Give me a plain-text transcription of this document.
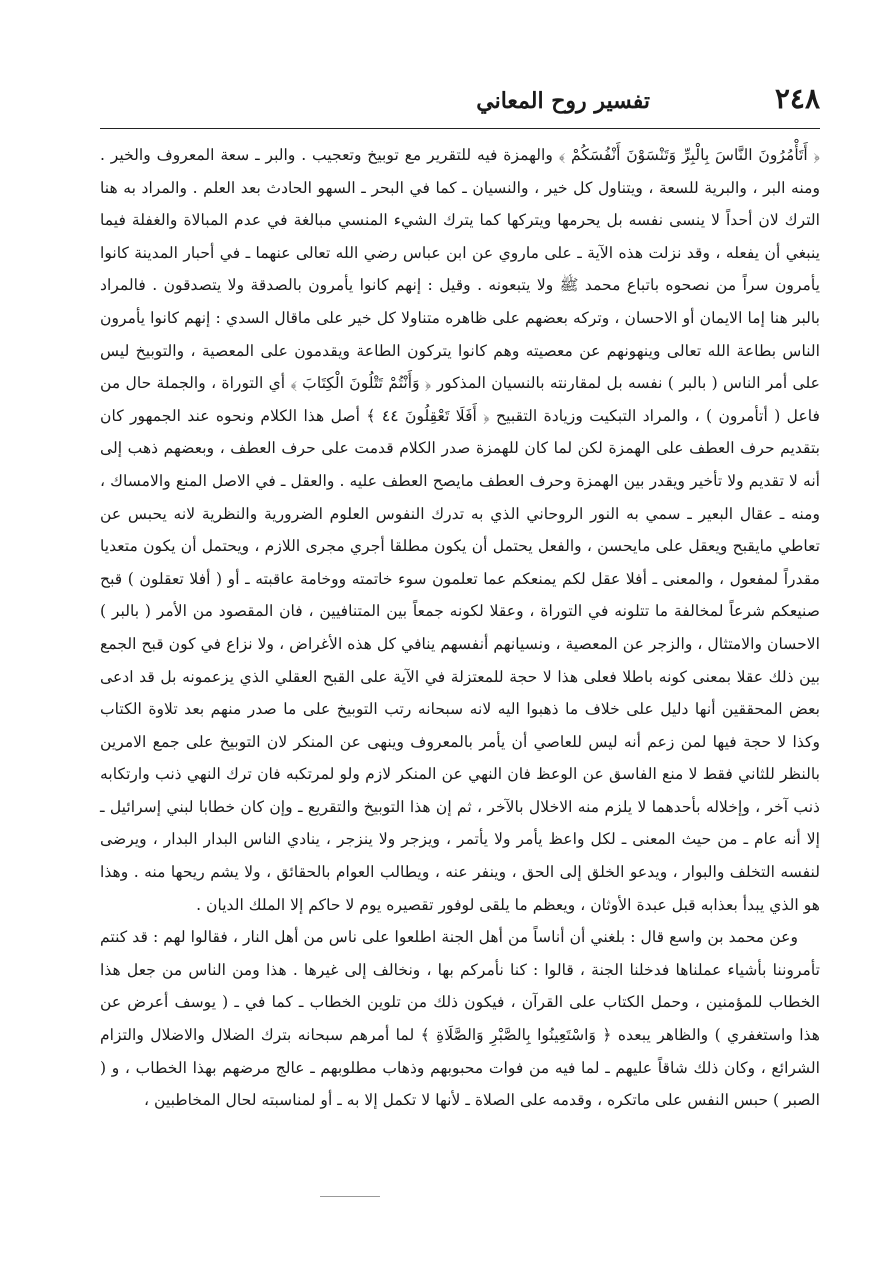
٢٤٨
تفسير روح المعاني

﴿ أَتَأْمُرُونَ النَّاسَ بِالْبِرِّ وَتَنْسَوْنَ أَنْفُسَكُمْ ﴾ والهمزة فيه للتقرير مع توبيخ وتعجيب . والبر ـ سعة المعروف والخير . ومنه البر ، والبرية للسعة ، ويتناول كل خير ، والنسيان ـ كما في البحر ـ السهو الحادث بعد العلم . والمراد به هنا الترك لان أحداً لا ينسى نفسه بل يحرمها ويتركها كما يترك الشيء المنسي مبالغة في عدم المبالاة والغفلة فيما ينبغي أن يفعله ، وقد نزلت هذه الآية ـ على ماروي عن ابن عباس رضي الله تعالى عنهما ـ في أحبار المدينة كانوا يأمرون سراً من نصحوه باتباع محمد ﷺ ولا يتبعونه . وقيل : إنهم كانوا يأمرون بالصدقة ولا يتصدقون . فالمراد بالبر هنا إما الايمان أو الاحسان ، وتركه بعضهم على ظاهره متناولا كل خير على ماقال السدي : إنهم كانوا يأمرون الناس بطاعة الله تعالى وينهونهم عن معصيته وهم كانوا يتركون الطاعة ويقدمون على المعصية ، والتوبيخ ليس على أمر الناس ( بالبر ) نفسه بل لمقارنته بالنسيان المذكور ﴿ وَأَنْتُمْ تَتْلُونَ الْكِتَابَ ﴾ أي التوراة ، والجملة حال من فاعل ( أتأمرون ) ، والمراد التبكيت وزيادة التقبيح ﴿ أَفَلَا تَعْقِلُونَ ٤٤ ﴾ أصل هذا الكلام ونحوه عند الجمهور كان بتقديم حرف العطف على الهمزة لكن لما كان للهمزة صدر الكلام قدمت على حرف العطف ، وبعضهم ذهب إلى أنه لا تقديم ولا تأخير ويقدر بين الهمزة وحرف العطف مايصح العطف عليه . والعقل ـ في الاصل المنع والامساك ، ومنه ـ عقال البعير ـ سمي به النور الروحاني الذي به تدرك النفوس العلوم الضرورية والنظرية لانه يحبس عن تعاطي مايقبح ويعقل على مايحسن ، والفعل يحتمل أن يكون مطلقا أجري مجرى اللازم ، ويحتمل أن يكون متعديا مقدراً لمفعول ، والمعنى ـ أفلا عقل لكم يمنعكم عما تعلمون سوء خاتمته ووخامة عاقبته ـ أو ( أفلا تعقلون ) قبح صنيعكم شرعاً لمخالفة ما تتلونه في التوراة ، وعقلا لكونه جمعاً بين المتنافيين ، فان المقصود من الأمر ( بالبر ) الاحسان والامتثال ، والزجر عن المعصية ، ونسيانهم أنفسهم ينافي كل هذه الأغراض ، ولا نزاع في كون قبح الجمع بين ذلك عقلا بمعنى كونه باطلا فعلى هذا لا حجة للمعتزلة في الآية على القبح العقلي الذي يزعمونه بل قد ادعى بعض المحققين أنها دليل على خلاف ما ذهبوا اليه لانه سبحانه رتب التوبيخ على ما صدر منهم بعد تلاوة الكتاب وكذا لا حجة فيها لمن زعم أنه ليس للعاصي أن يأمر بالمعروف وينهى عن المنكر لان التوبيخ على جمع الامرين بالنظر للثاني فقط لا منع الفاسق عن الوعظ فان النهي عن المنكر لازم ولو لمرتكبه فان ترك النهي ذنب وارتكابه ذنب آخر ، وإخلاله بأحدهما لا يلزم منه الاخلال بالآخر ، ثم إن هذا التوبيخ والتقريع ـ وإن كان خطابا لبني إسرائيل ـ إلا أنه عام ـ من حيث المعنى ـ لكل واعظ يأمر ولا يأتمر ، ويزجر ولا ينزجر ، ينادي الناس البدار البدار ، ويرضى لنفسه التخلف والبوار ، ويدعو الخلق إلى الحق ، وينفر عنه ، ويطالب العوام بالحقائق ، ولا يشم ريحها منه . وهذا هو الذي يبدأ بعذابه قبل عبدة الأوثان ، ويعظم ما يلقى لوفور تقصيره يوم لا حاكم إلا الملك الديان .

وعن محمد بن واسع قال : بلغني أن أناساً من أهل الجنة اطلعوا على ناس من أهل النار ، فقالوا لهم : قد كنتم تأمروننا بأشياء عملناها فدخلنا الجنة ، قالوا : كنا نأمركم بها ، ونخالف إلى غيرها . هذا ومن الناس من جعل هذا الخطاب للمؤمنين ، وحمل الكتاب على القرآن ، فيكون ذلك من تلوين الخطاب ـ كما في ـ ( يوسف أعرض عن هذا واستغفري ) والظاهر يبعده ﴿ وَاسْتَعِينُوا بِالصَّبْرِ وَالصَّلَاةِ ﴾ لما أمرهم سبحانه بترك الضلال والاضلال والتزام الشرائع ، وكان ذلك شاقاً عليهم ـ لما فيه من فوات محبوبهم وذهاب مطلوبهم ـ عالج مرضهم بهذا الخطاب ، و ( الصبر ) حبس النفس على ماتكره ، وقدمه على الصلاة ـ لأنها لا تكمل إلا به ـ أو لمناسبته لحال المخاطبين ،
